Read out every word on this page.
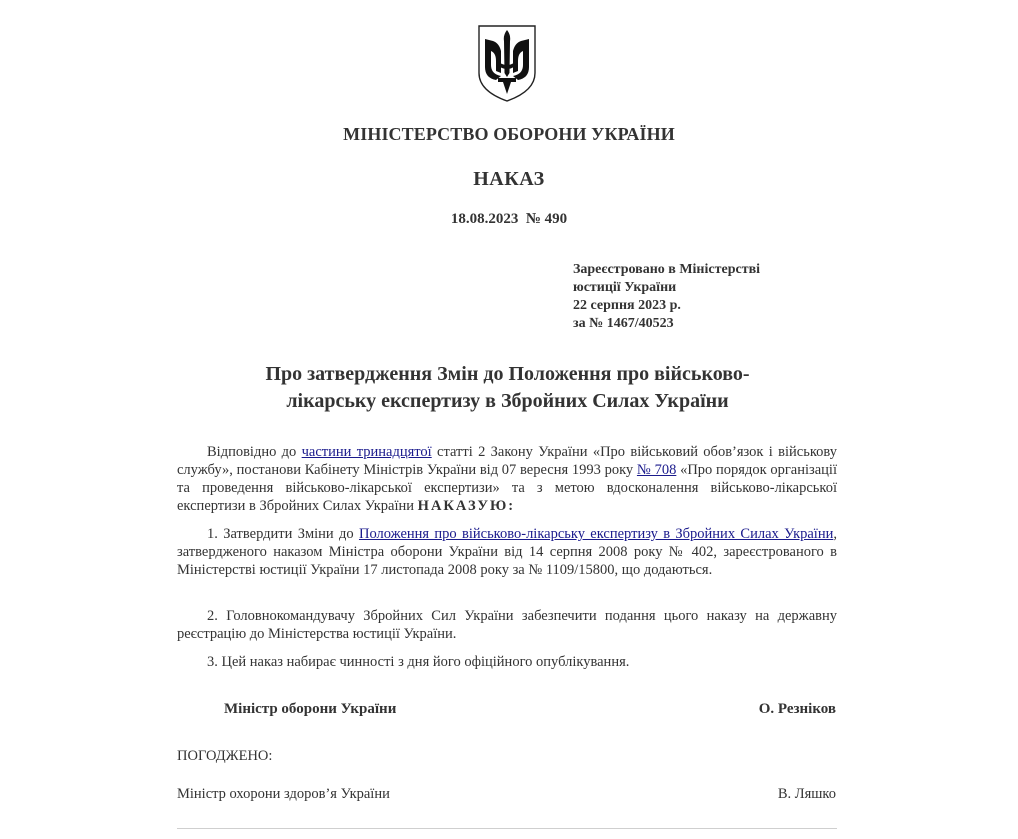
МІНІСТЕРСТВО ОБОРОНИ УКРАЇНИ
НАКАЗ
18.08.2023  № 490
Зареєстровано в Міністерстві
юстиції України
22 серпня 2023 р.
за № 1467/40523
Про затвердження Змін до Положення про військово-
лікарську експертизу в Збройних Силах України

Відповідно до частини тринадцятої статті 2 Закону України «Про військовий обов’язок і військову службу», постанови Кабінету Міністрів України від 07 вересня 1993 року № 708 «Про порядок організації та проведення військово-лікарської експертизи» та з метою вдосконалення військово-лікарської експертизи в Збройних Силах України НАКАЗУЮ:

1. Затвердити Зміни до Положення про військово-лікарську експертизу в Збройних Силах України, затвердженого наказом Міністра оборони України від 14 серпня 2008 року № 402, зареєстрованого в Міністерстві юстиції України 17 листопада 2008 року за № 1109/15800, що додаються.

2. Головнокомандувачу Збройних Сил України забезпечити подання цього наказу на державну реєстрацію до Міністерства юстиції України.

3. Цей наказ набирає чинності з дня його офіційного опублікування.

Міністр оборони України	О. Резніков
ПОГОДЖЕНО:
Міністр охорони здоров’я України	В. Ляшко
